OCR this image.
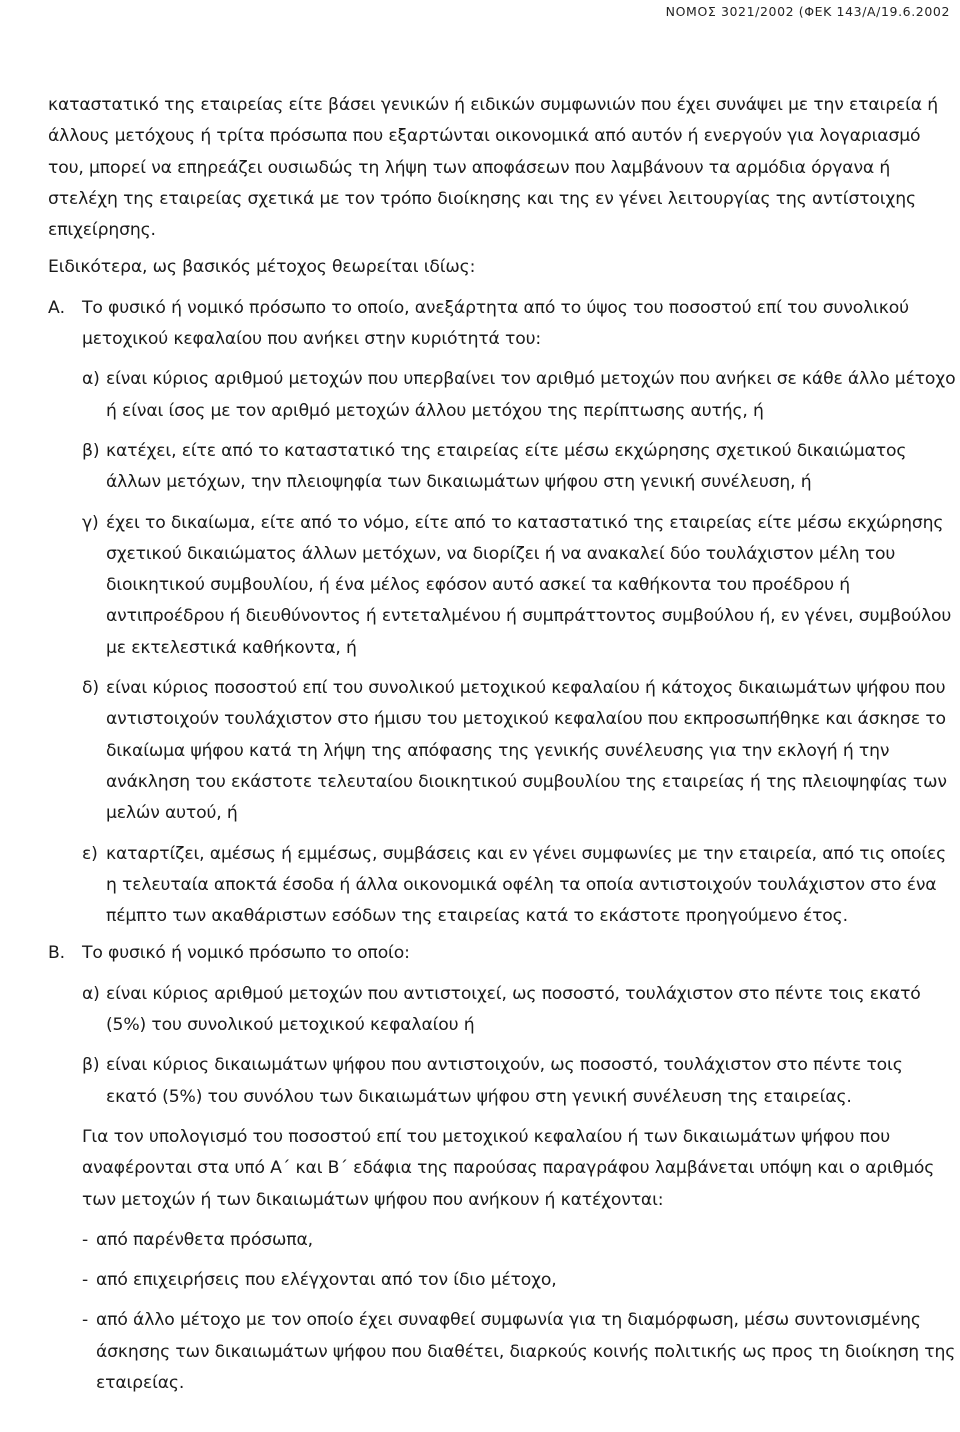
ΝΟΜΟΣ 3021/2002 (ΦΕΚ 143/Α/19.6.2002

καταστατικό της εταιρείας είτε βάσει γενικών ή ειδικών συμφωνιών που έχει συνάψει με την εταιρεία ή άλλους μετόχους ή τρίτα πρόσωπα που εξαρτώνται οικονομικά από αυτόν ή ενεργούν για λογαριασμό του, μπορεί να επηρεάζει ουσιωδώς τη λήψη των αποφάσεων που λαμβάνουν τα αρμόδια όργανα ή στελέχη της εταιρείας σχετικά με τον τρόπο διοίκησης και της εν γένει λειτουργίας της αντίστοιχης επιχείρησης.

Ειδικότερα, ως βασικός μέτοχος θεωρείται ιδίως:

Α. Το φυσικό ή νομικό πρόσωπο το οποίο, ανεξάρτητα από το ύψος του ποσοστού επί του συνολικού μετοχικού κεφαλαίου που ανήκει στην κυριότητά του:
α) είναι κύριος αριθμού μετοχών που υπερβαίνει τον αριθμό μετοχών που ανήκει σε κάθε άλλο μέτοχο ή είναι ίσος με τον αριθμό μετοχών άλλου μετόχου της περίπτωσης αυτής, ή
β) κατέχει, είτε από το καταστατικό της εταιρείας είτε μέσω εκχώρησης σχετικού δικαιώματος άλλων μετόχων, την πλειοψηφία των δικαιωμάτων ψήφου στη γενική συνέλευση, ή
γ) έχει το δικαίωμα, είτε από το νόμο, είτε από το καταστατικό της εταιρείας είτε μέσω εκχώρησης σχετικού δικαιώματος άλλων μετόχων, να διορίζει ή να ανακαλεί δύο τουλάχιστον μέλη του διοικητικού συμβουλίου, ή ένα μέλος εφόσον αυτό ασκεί τα καθήκοντα του προέδρου ή αντιπροέδρου ή διευθύνοντος ή εντεταλμένου ή συμπράττοντος συμβούλου ή, εν γένει, συμβούλου με εκτελεστικά καθήκοντα, ή
δ) είναι κύριος ποσοστού επί του συνολικού μετοχικού κεφαλαίου ή κάτοχος δικαιωμάτων ψήφου που αντιστοιχούν τουλάχιστον στο ήμισυ του μετοχικού κεφαλαίου που εκπροσωπήθηκε και άσκησε το δικαίωμα ψήφου κατά τη λήψη της απόφασης της γενικής συνέλευσης για την εκλογή ή την ανάκληση του εκάστοτε τελευταίου διοικητικού συμβουλίου της εταιρείας ή της πλειοψηφίας των μελών αυτού, ή
ε) καταρτίζει, αμέσως ή εμμέσως, συμβάσεις και εν γένει συμφωνίες με την εταιρεία, από τις οποίες η τελευταία αποκτά έσοδα ή άλλα οικονομικά οφέλη τα οποία αντιστοιχούν τουλάχιστον στο ένα πέμπτο των ακαθάριστων εσόδων της εταιρείας κατά το εκάστοτε προηγούμενο έτος.
Β. Το φυσικό ή νομικό πρόσωπο το οποίο:
α) είναι κύριος αριθμού μετοχών που αντιστοιχεί, ως ποσοστό, τουλάχιστον στο πέντε τοις εκατό (5%) του συνολικού μετοχικού κεφαλαίου ή
β) είναι κύριος δικαιωμάτων ψήφου που αντιστοιχούν, ως ποσοστό, τουλάχιστον στο πέντε τοις εκατό (5%) του συνόλου των δικαιωμάτων ψήφου στη γενική συνέλευση της εταιρείας.

Για τον υπολογισμό του ποσοστού επί του μετοχικού κεφαλαίου ή των δικαιωμάτων ψήφου που αναφέρονται στα υπό Α΄ και Β΄ εδάφια της παρούσας παραγράφου λαμβάνεται υπόψη και ο αριθμός των μετοχών ή των δικαιωμάτων ψήφου που ανήκουν ή κατέχονται:

- από παρένθετα πρόσωπα,
- από επιχειρήσεις που ελέγχονται από τον ίδιο μέτοχο,
- από άλλο μέτοχο με τον οποίο έχει συναφθεί συμφωνία για τη διαμόρφωση, μέσω συντονισμένης άσκησης των δικαιωμάτων ψήφου που διαθέτει, διαρκούς κοινής πολιτικής ως προς τη διοίκηση της εταιρείας.
